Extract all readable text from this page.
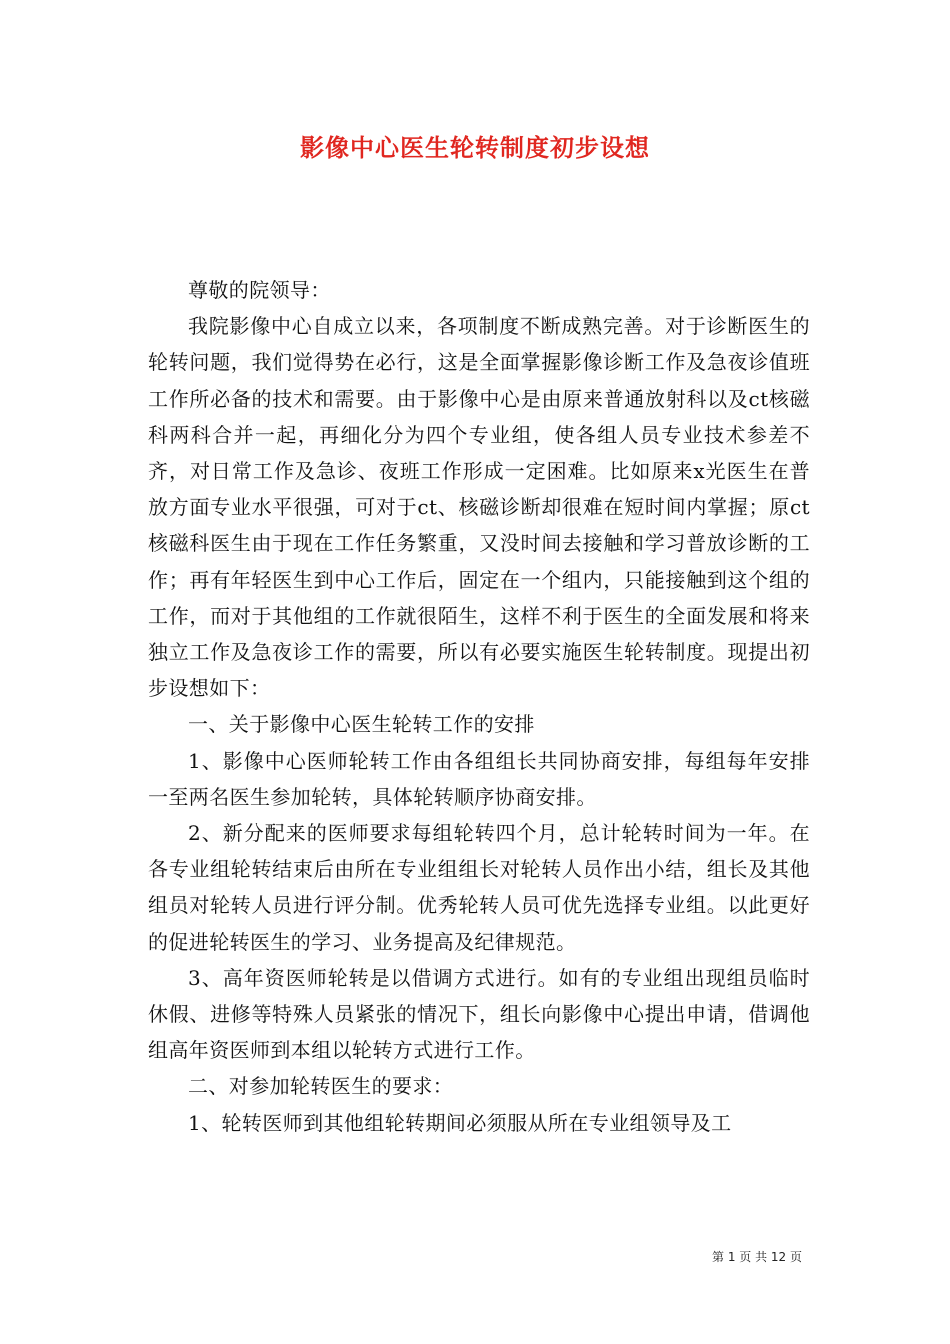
影像中心医生轮转制度初步设想

尊敬的院领导：

我院影像中心自成立以来，各项制度不断成熟完善。对于诊断医生的轮转问题，我们觉得势在必行，这是全面掌握影像诊断工作及急夜诊值班工作所必备的技术和需要。由于影像中心是由原来普通放射科以及ct核磁科两科合并一起，再细化分为四个专业组，使各组人员专业技术参差不齐，对日常工作及急诊、夜班工作形成一定困难。比如原来x光医生在普放方面专业水平很强，可对于ct、核磁诊断却很难在短时间内掌握；原ct核磁科医生由于现在工作任务繁重，又没时间去接触和学习普放诊断的工作；再有年轻医生到中心工作后，固定在一个组内，只能接触到这个组的工作，而对于其他组的工作就很陌生，这样不利于医生的全面发展和将来独立工作及急夜诊工作的需要，所以有必要实施医生轮转制度。现提出初步设想如下：

一、关于影像中心医生轮转工作的安排

1、影像中心医师轮转工作由各组组长共同协商安排，每组每年安排一至两名医生参加轮转，具体轮转顺序协商安排。

2、新分配来的医师要求每组轮转四个月，总计轮转时间为一年。在各专业组轮转结束后由所在专业组组长对轮转人员作出小结，组长及其他组员对轮转人员进行评分制。优秀轮转人员可优先选择专业组。以此更好的促进轮转医生的学习、业务提高及纪律规范。

3、高年资医师轮转是以借调方式进行。如有的专业组出现组员临时休假、进修等特殊人员紧张的情况下，组长向影像中心提出申请，借调他组高年资医师到本组以轮转方式进行工作。

二、对参加轮转医生的要求：

1、轮转医师到其他组轮转期间必须服从所在专业组领导及工

第 1 页 共 12 页
